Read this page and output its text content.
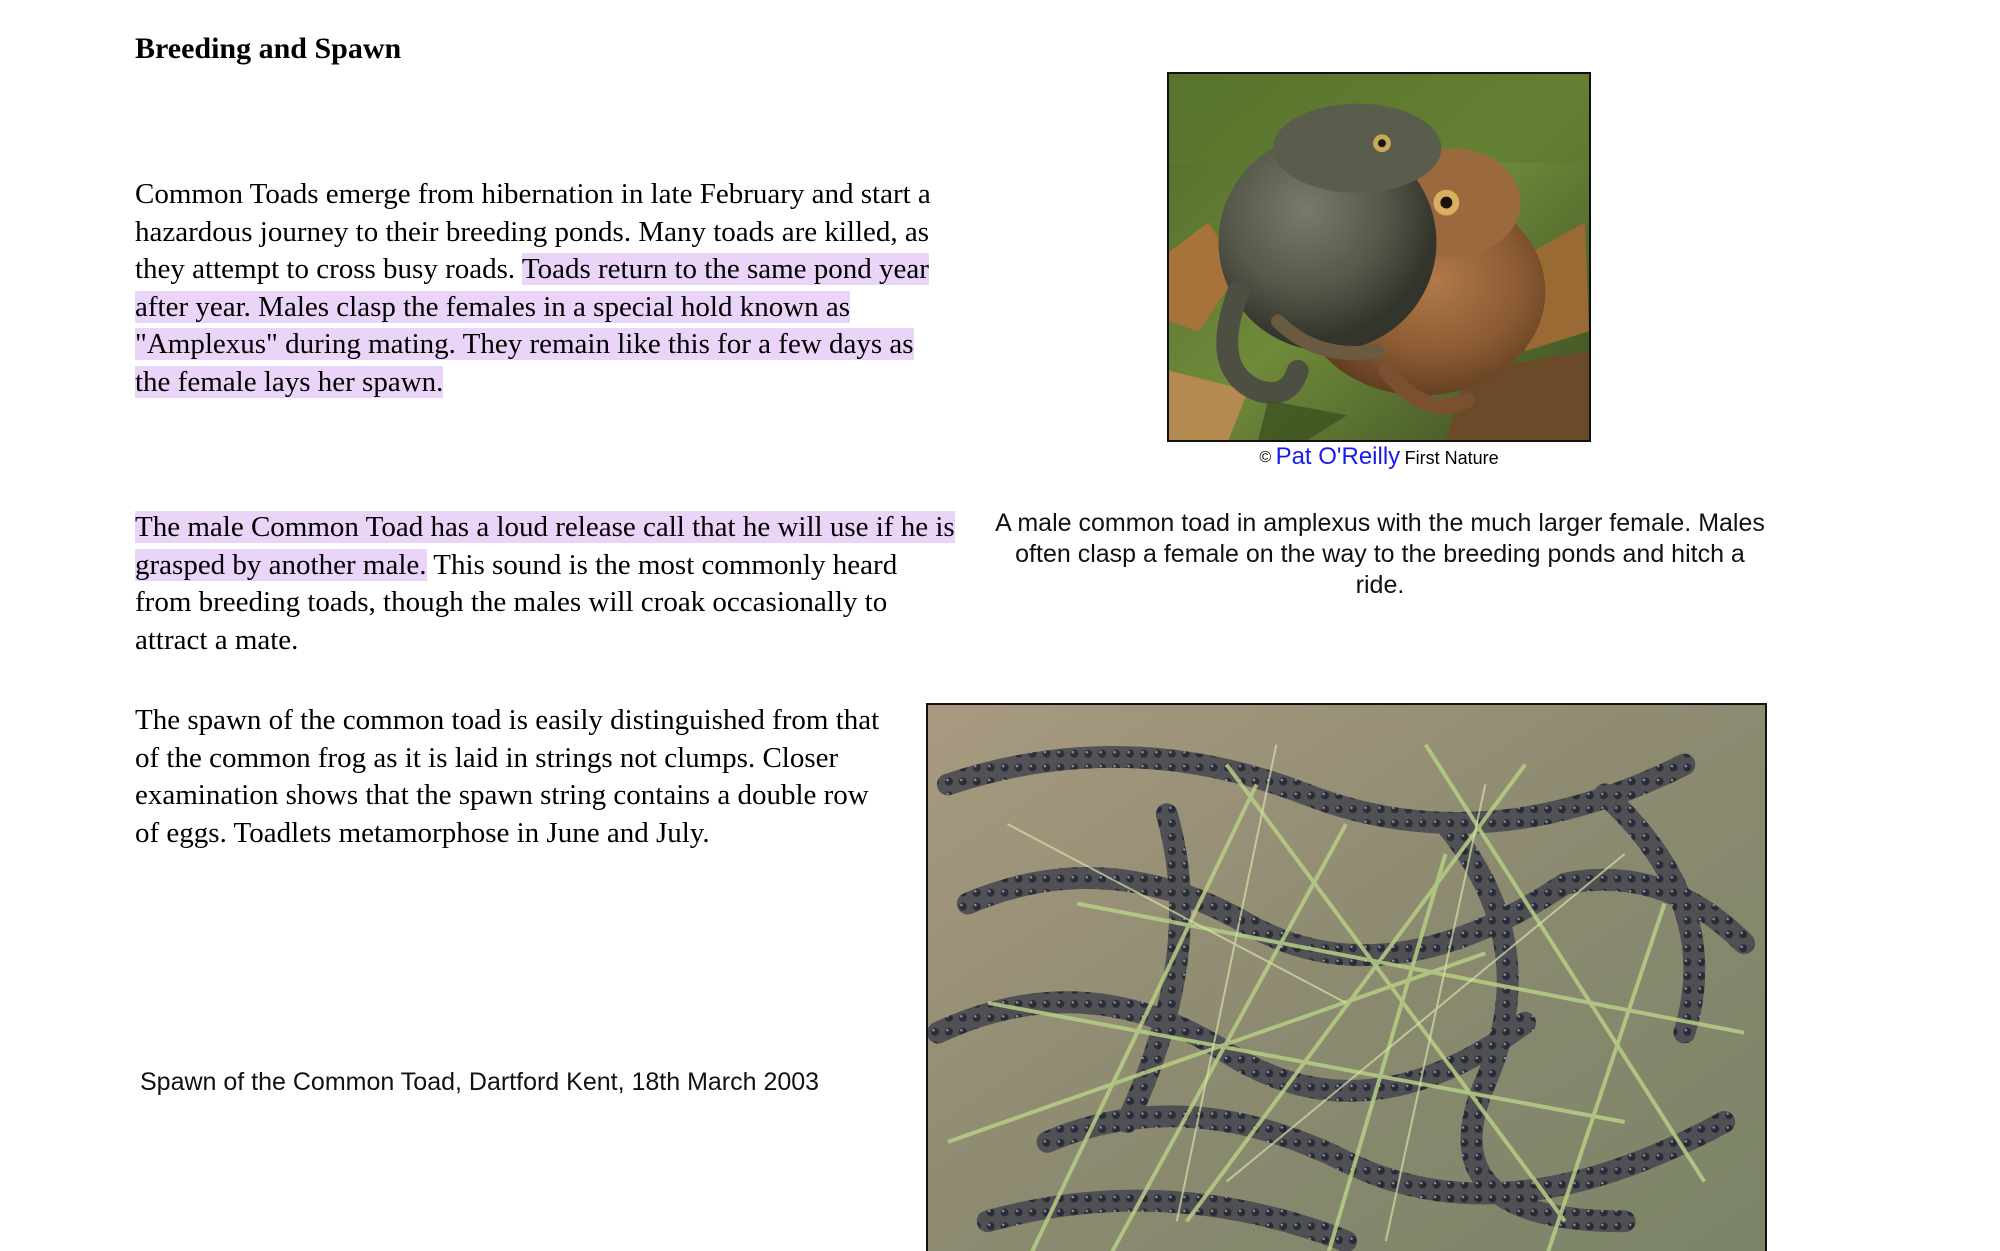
Breeding and Spawn

Common Toads emerge from hibernation in late February and start a hazardous journey to their breeding ponds. Many toads are killed, as they attempt to cross busy roads. Toads return to the same pond year after year. Males clasp the females in a special hold known as "Amplexus" during mating. They remain like this for a few days as the female lays her spawn.

The male Common Toad has a loud release call that he will use if he is grasped by another male. This sound is the most commonly heard from breeding toads, though the males will croak occasionally to attract a mate.

The spawn of the common toad is easily distinguished from that of the common frog as it is laid in strings not clumps. Closer examination shows that the spawn string contains a double row of eggs. Toadlets metamorphose in June and July.

© Pat O'Reilly First Nature

A male common toad in amplexus with the much larger female. Males often clasp a female on the way to the breeding ponds and hitch a ride.

Spawn of the Common Toad, Dartford Kent, 18th March 2003
